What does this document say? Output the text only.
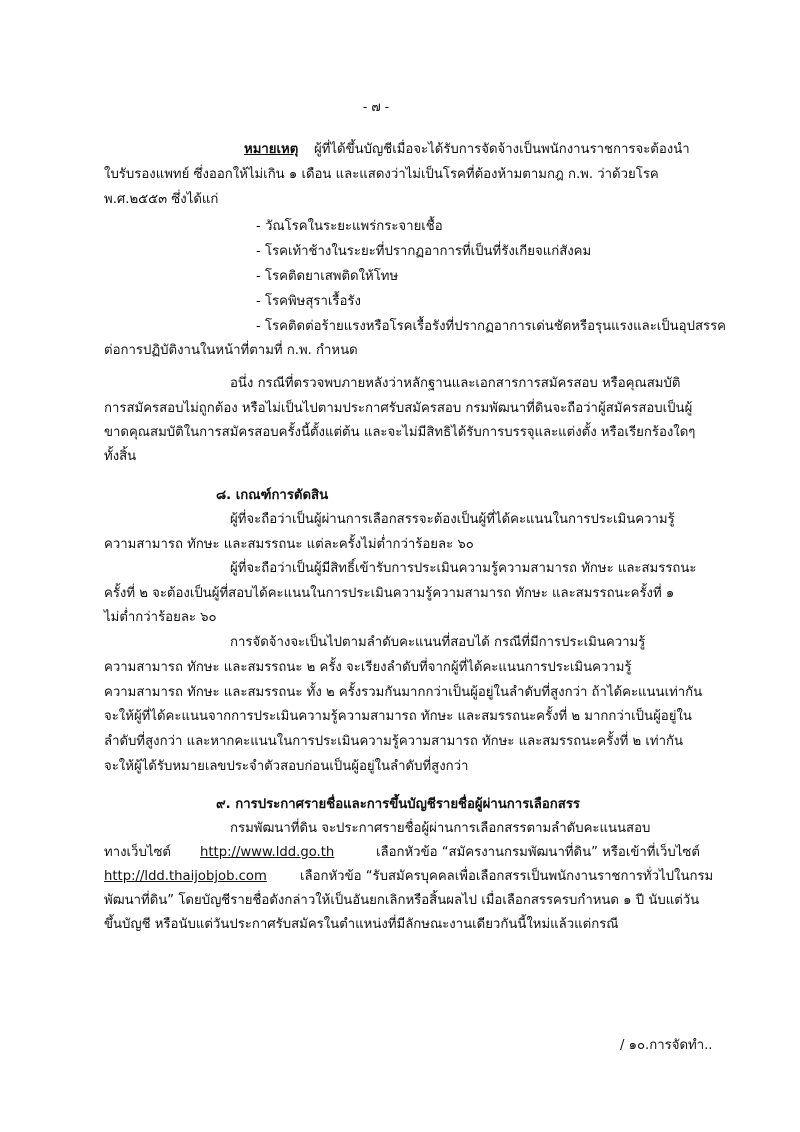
- ๗ -
หมายเหตุ ผู้ที่ได้ขึ้นบัญชีเมื่อจะได้รับการจัดจ้างเป็นพนักงานราชการจะต้องนำ
ใบรับรองแพทย์ ซึ่งออกให้ไม่เกิน ๑ เดือน และแสดงว่าไม่เป็นโรคที่ต้องห้ามตามกฎ ก.พ. ว่าด้วยโรค
พ.ศ.๒๕๕๓ ซึ่งได้แก่
- วัณโรคในระยะแพร่กระจายเชื้อ
- โรคเท้าช้างในระยะที่ปรากฏอาการที่เป็นที่รังเกียจแก่สังคม
- โรคติดยาเสพติดให้โทษ
- โรคพิษสุราเรื้อรัง
- โรคติดต่อร้ายแรงหรือโรคเรื้อรังที่ปรากฏอาการเด่นชัดหรือรุนแรงและเป็นอุปสรรค
ต่อการปฏิบัติงานในหน้าที่ตามที่ ก.พ. กำหนด
อนึ่ง กรณีที่ตรวจพบภายหลังว่าหลักฐานและเอกสารการสมัครสอบ หรือคุณสมบัติ
การสมัครสอบไม่ถูกต้อง หรือไม่เป็นไปตามประกาศรับสมัครสอบ กรมพัฒนาที่ดินจะถือว่าผู้สมัครสอบเป็นผู้
ขาดคุณสมบัติในการสมัครสอบครั้งนี้ตั้งแต่ต้น และจะไม่มีสิทธิได้รับการบรรจุและแต่งตั้ง หรือเรียกร้องใดๆ
ทั้งสิ้น
๘. เกณฑ์การตัดสิน
ผู้ที่จะถือว่าเป็นผู้ผ่านการเลือกสรรจะต้องเป็นผู้ที่ได้คะแนนในการประเมินความรู้
ความสามารถ ทักษะ และสมรรถนะ แต่ละครั้งไม่ต่ำกว่าร้อยละ ๖๐
ผู้ที่จะถือว่าเป็นผู้มีสิทธิ์เข้ารับการประเมินความรู้ความสามารถ ทักษะ และสมรรถนะ
ครั้งที่ ๒ จะต้องเป็นผู้ที่สอบได้คะแนนในการประเมินความรู้ความสามารถ ทักษะ และสมรรถนะครั้งที่ ๑
ไม่ต่ำกว่าร้อยละ ๖๐
การจัดจ้างจะเป็นไปตามลำดับคะแนนที่สอบได้ กรณีที่มีการประเมินความรู้
ความสามารถ ทักษะ และสมรรถนะ ๒ ครั้ง จะเรียงลำดับที่จากผู้ที่ได้คะแนนการประเมินความรู้
ความสามารถ ทักษะ และสมรรถนะ ทั้ง ๒ ครั้งรวมกันมากกว่าเป็นผู้อยู่ในลำดับที่สูงกว่า ถ้าได้คะแนนเท่ากัน
จะให้ผู้ที่ได้คะแนนจากการประเมินความรู้ความสามารถ ทักษะ และสมรรถนะครั้งที่ ๒ มากกว่าเป็นผู้อยู่ใน
ลำดับที่สูงกว่า และหากคะแนนในการประเมินความรู้ความสามารถ ทักษะ และสมรรถนะครั้งที่ ๒ เท่ากัน
จะให้ผู้ได้รับหมายเลขประจำตัวสอบก่อนเป็นผู้อยู่ในลำดับที่สูงกว่า
๙. การประกาศรายชื่อและการขึ้นบัญชีรายชื่อผู้ผ่านการเลือกสรร
กรมพัฒนาที่ดิน จะประกาศรายชื่อผู้ผ่านการเลือกสรรตามลำดับคะแนนสอบ
ทางเว็บไซต์ http://www.ldd.go.th	เลือกหัวข้อ “สมัครงานกรมพัฒนาที่ดิน” หรือเข้าที่เว็บไซต์
http://ldd.thaijobjob.com	เลือกหัวข้อ “รับสมัครบุคคลเพื่อเลือกสรรเป็นพนักงานราชการทั่วไปในกรม
พัฒนาที่ดิน” โดยบัญชีรายชื่อดังกล่าวให้เป็นอันยกเลิกหรือสิ้นผลไป เมื่อเลือกสรรครบกำหนด ๑ ปี นับแต่วัน
ขึ้นบัญชี หรือนับแต่วันประกาศรับสมัครในตำแหน่งที่มีลักษณะงานเดียวกันนี้ใหม่แล้วแต่กรณี
/ ๑๐.การจัดทำ..
